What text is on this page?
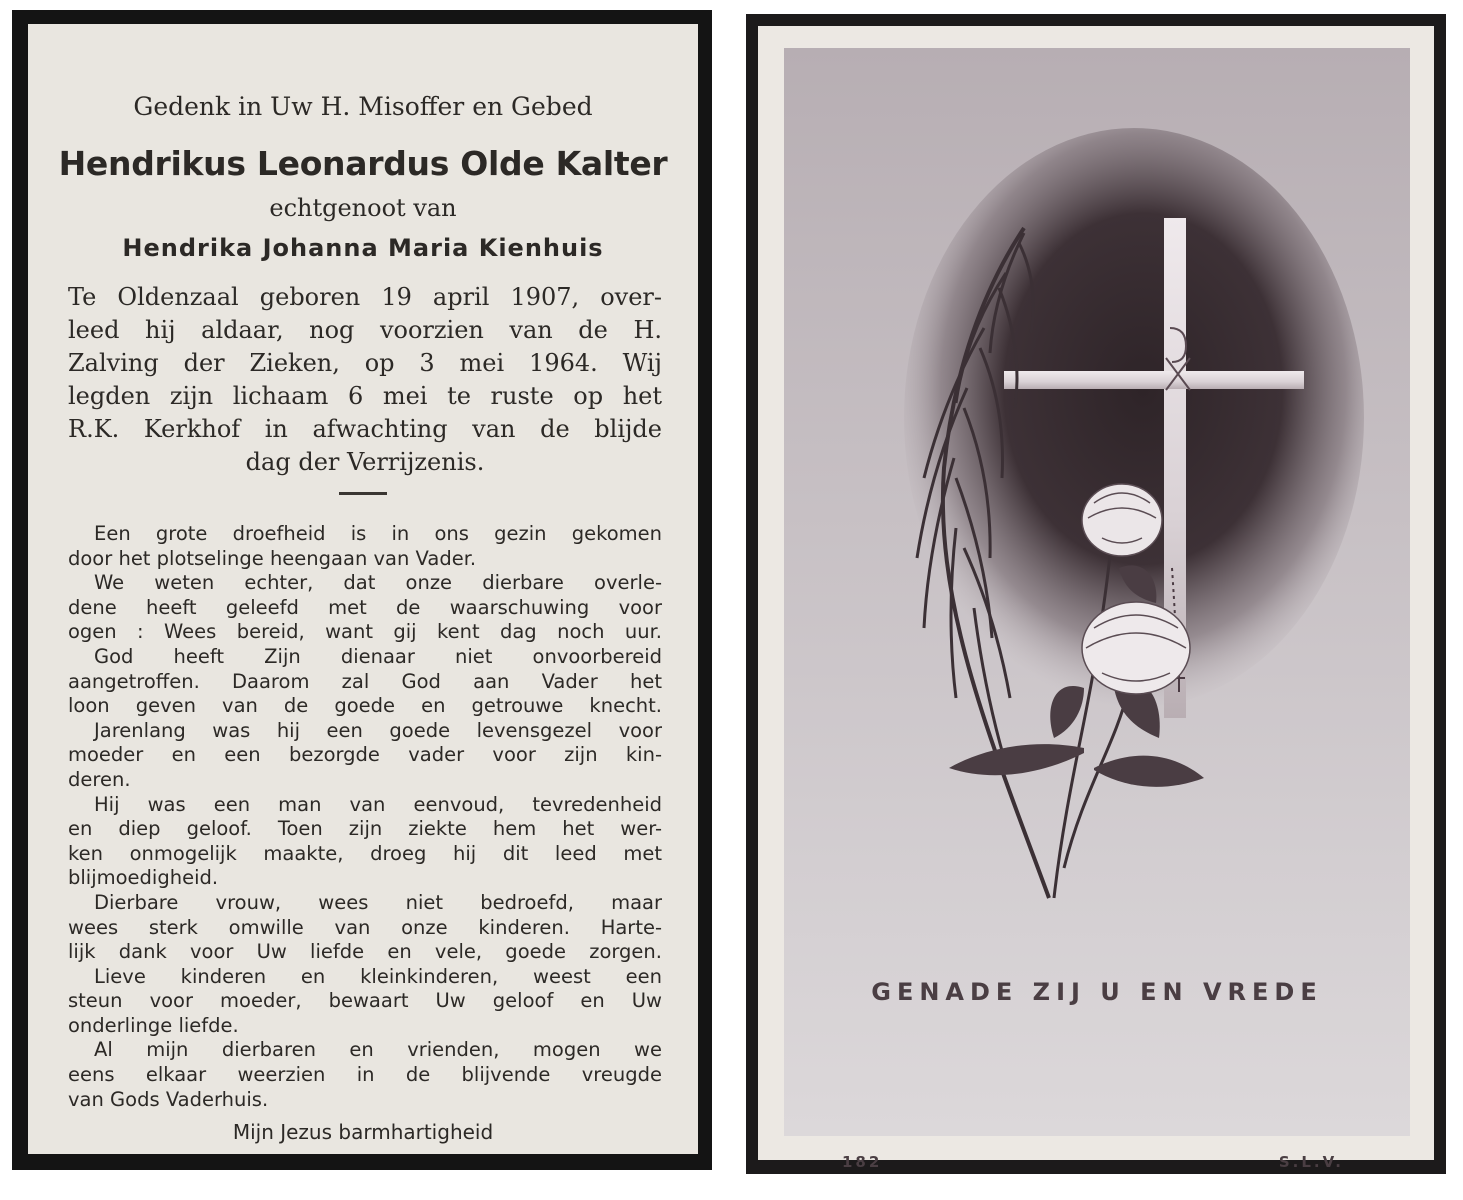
Gedenk in Uw H. Misoffer en Gebed
Hendrikus Leonardus Olde Kalter
echtgenoot van
Hendrika Johanna Maria Kienhuis
Te Oldenzaal geboren 19 april 1907, over-
leed hij aldaar, nog voorzien van de H.
Zalving der Zieken, op 3 mei 1964. Wij
legden zijn lichaam 6 mei te ruste op het
R.K. Kerkhof in afwachting van de blijde
dag der Verrijzenis.
Een grote droefheid is in ons gezin gekomen
door het plotselinge heengaan van Vader.
We weten echter, dat onze dierbare overle-
dene heeft geleefd met de waarschuwing voor
ogen : Wees bereid, want gij kent dag noch uur.
God heeft Zijn dienaar niet onvoorbereid
aangetroffen. Daarom zal God aan Vader het
loon geven van de goede en getrouwe knecht.
Jarenlang was hij een goede levensgezel voor
moeder en een bezorgde vader voor zijn kin-
deren.
Hij was een man van eenvoud, tevredenheid
en diep geloof. Toen zijn ziekte hem het wer-
ken onmogelijk maakte, droeg hij dit leed met
blijmoedigheid.
Dierbare vrouw, wees niet bedroefd, maar
wees sterk omwille van onze kinderen. Harte-
lijk dank voor Uw liefde en vele, goede zorgen.
Lieve kinderen en kleinkinderen, weest een
steun voor moeder, bewaart Uw geloof en Uw
onderlinge liefde.
Al mijn dierbaren en vrienden, mogen we
eens elkaar weerzien in de blijvende vreugde
van Gods Vaderhuis.
Mijn Jezus barmhartigheid
GENADE ZIJ U EN VREDE
182	S.L.V.
